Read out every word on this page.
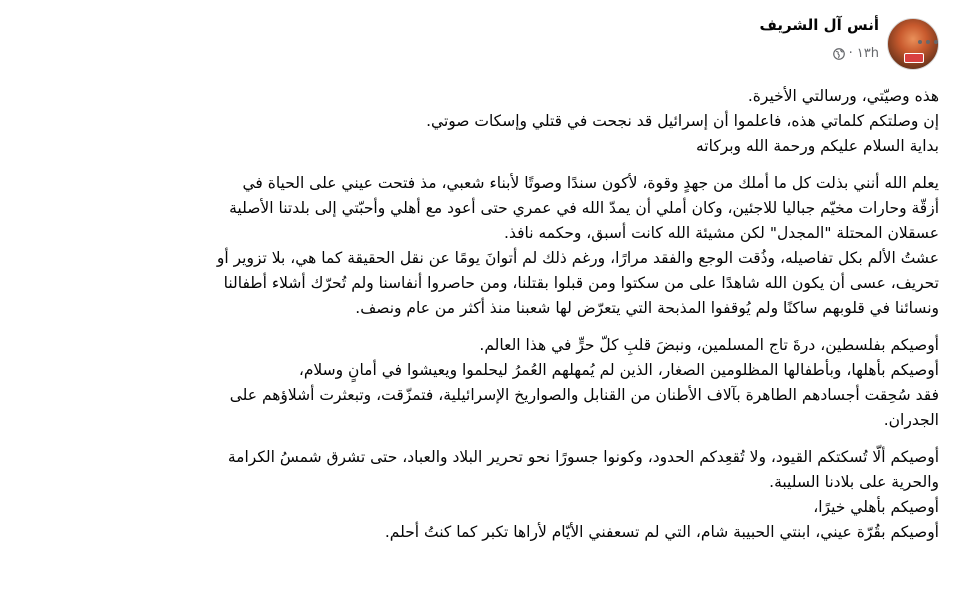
أنس آل الشريف
١٣h
·
هذه وصيّتي، ورسالتي الأخيرة.
إن وصلتكم كلماتي هذه، فاعلموا أن إسرائيل قد نجحت في قتلي وإسكات صوتي.
بداية السلام عليكم ورحمة الله وبركاته
يعلم الله أنني بذلت كل ما أملك من جهدٍ وقوة، لأكون سندًا وصوتًا لأبناء شعبي، مذ فتحت عيني على الحياة في
أزقّة وحارات مخيّم جباليا للاجئين، وكان أملي أن يمدّ الله في عمري حتى أعود مع أهلي وأحبّتي إلى بلدتنا الأصلية
عسقلان المحتلة "المجدل" لكن مشيئة الله كانت أسبق، وحكمه نافذ.
عشتُ الألم بكل تفاصيله، وذُقت الوجع والفقد مرارًا، ورغم ذلك لم أتوانَ يومًا عن نقل الحقيقة كما هي، بلا تزوير أو
تحريف، عسى أن يكون الله شاهدًا على من سكتوا ومن قبلوا بقتلنا، ومن حاصروا أنفاسنا ولم تُحرّك أشلاء أطفالنا
ونسائنا في قلوبهم ساكنًا ولم يُوقفوا المذبحة التي يتعرّض لها شعبنا منذ أكثر من عام ونصف.
أوصيكم بفلسطين، درةَ تاج المسلمين، ونبضَ قلبِ كلّ حرٍّ في هذا العالم.
أوصيكم بأهلها، وبأطفالها المظلومين الصغار، الذين لم يُمهلهم العُمرُ ليحلموا ويعيشوا في أمانٍ وسلام،
فقد سُحِقت أجسادهم الطاهرة بآلاف الأطنان من القنابل والصواريخ الإسرائيلية، فتمزّقت، وتبعثرت أشلاؤهم على
الجدران.
أوصيكم ألّا تُسكتكم القيود، ولا تُقعِدكم الحدود، وكونوا جسورًا نحو تحرير البلاد والعباد، حتى تشرق شمسُ الكرامة
والحرية على بلادنا السليبة.
أوصيكم بأهلي خيرًا،
أوصيكم بقُرّة عيني، ابنتي الحبيبة شام، التي لم تسعفني الأيّام لأراها تكبر كما كنتُ أحلم.
